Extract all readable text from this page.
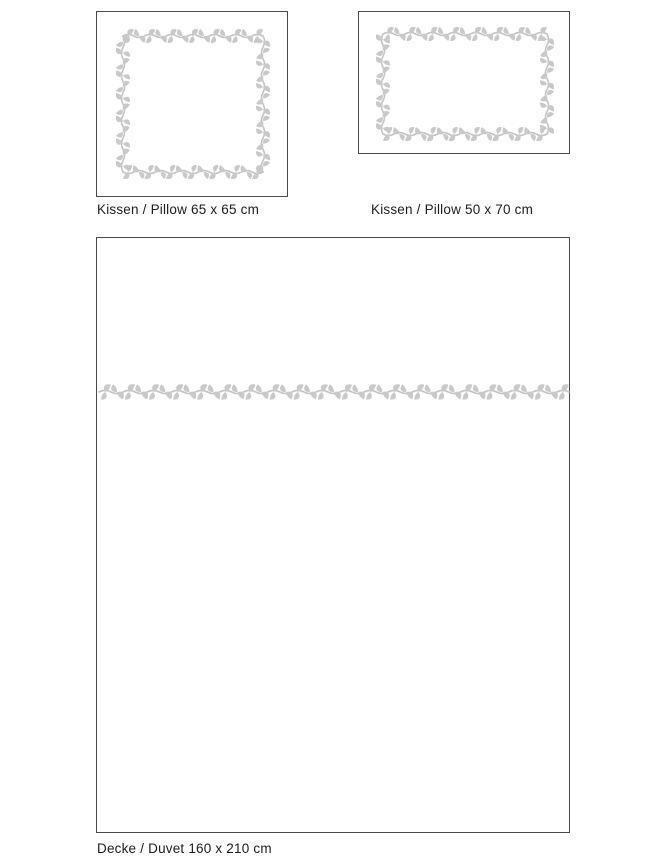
Kissen / Pillow 65 x 65 cm	Kissen / Pillow 50 x 70 cm
Decke / Duvet 160 x 210 cm
